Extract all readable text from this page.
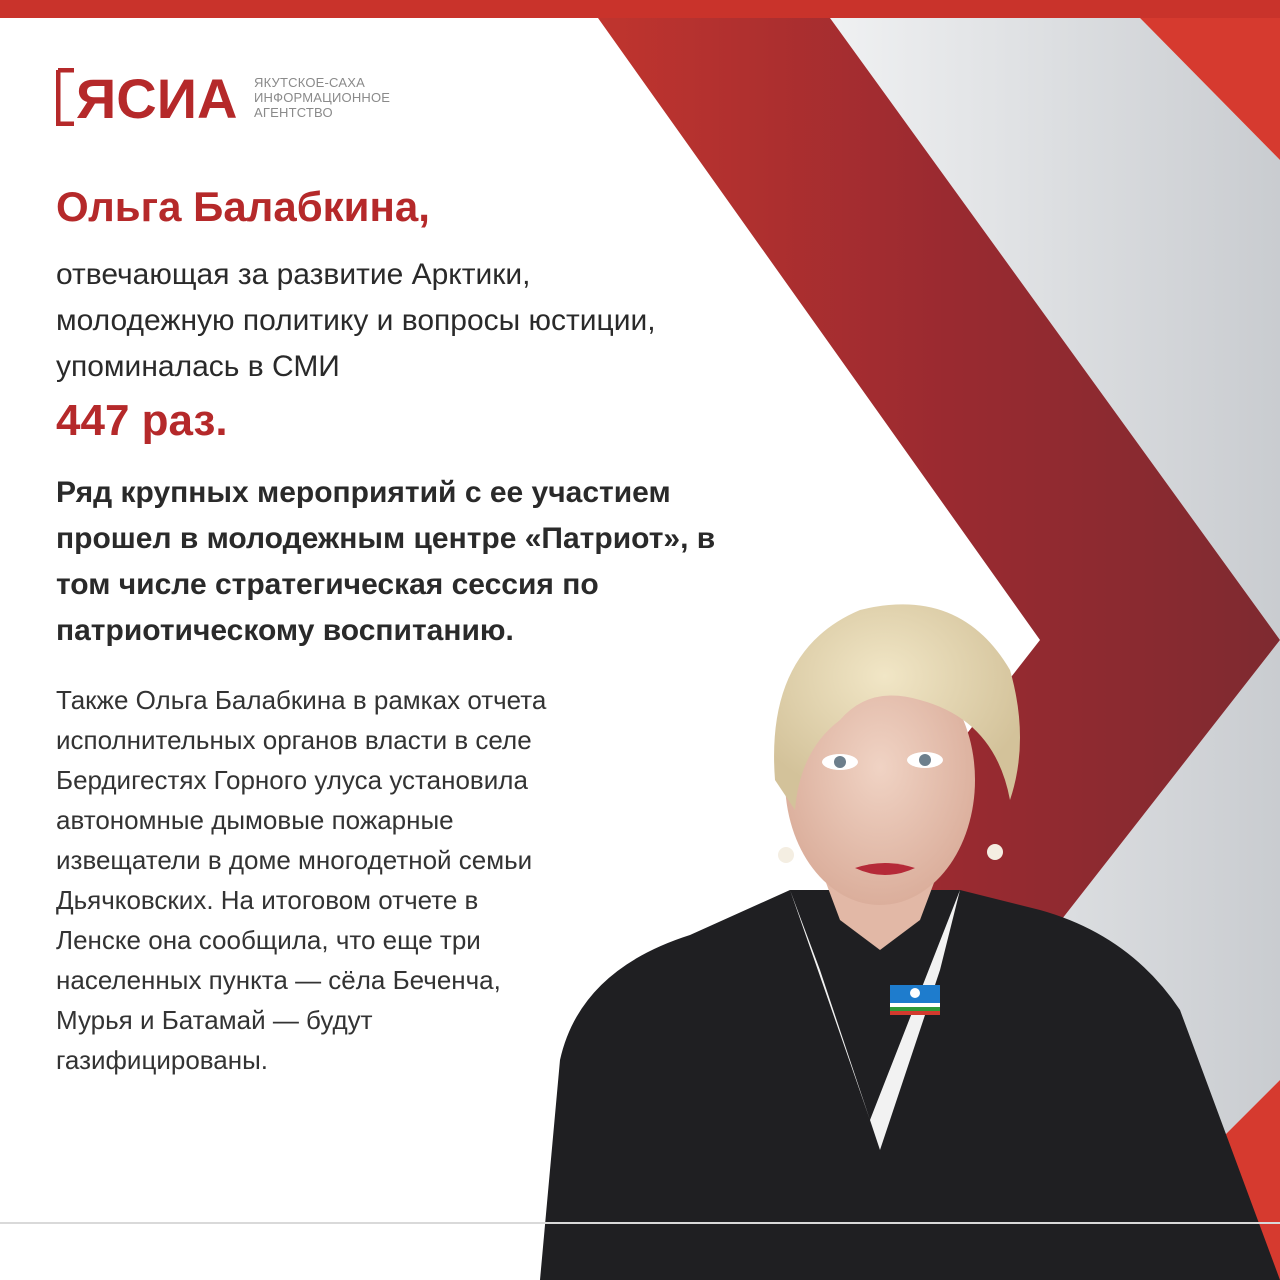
ЯСИА ЯКУТСКОЕ-САХА
ИНФОРМАЦИОННОЕ
АГЕНТСТВО
Ольга Балабкина,
отвечающая за развитие Арктики, молодежную политику и вопросы юстиции, упоминалась в СМИ
447 раз.
Ряд крупных мероприятий с ее участием прошел в молодежным центре «Патриот», в том числе стратегическая сессия по патриотическому воспитанию.
Также Ольга Балабкина в рамках отчета исполнительных органов власти в селе Бердигестях Горного улуса установила автономные дымовые пожарные извещатели в доме многодетной семьи Дьячковских. На итоговом отчете в Ленске она сообщила, что еще три населенных пункта — сёла Беченча, Мурья и Батамай — будут газифицированы.
